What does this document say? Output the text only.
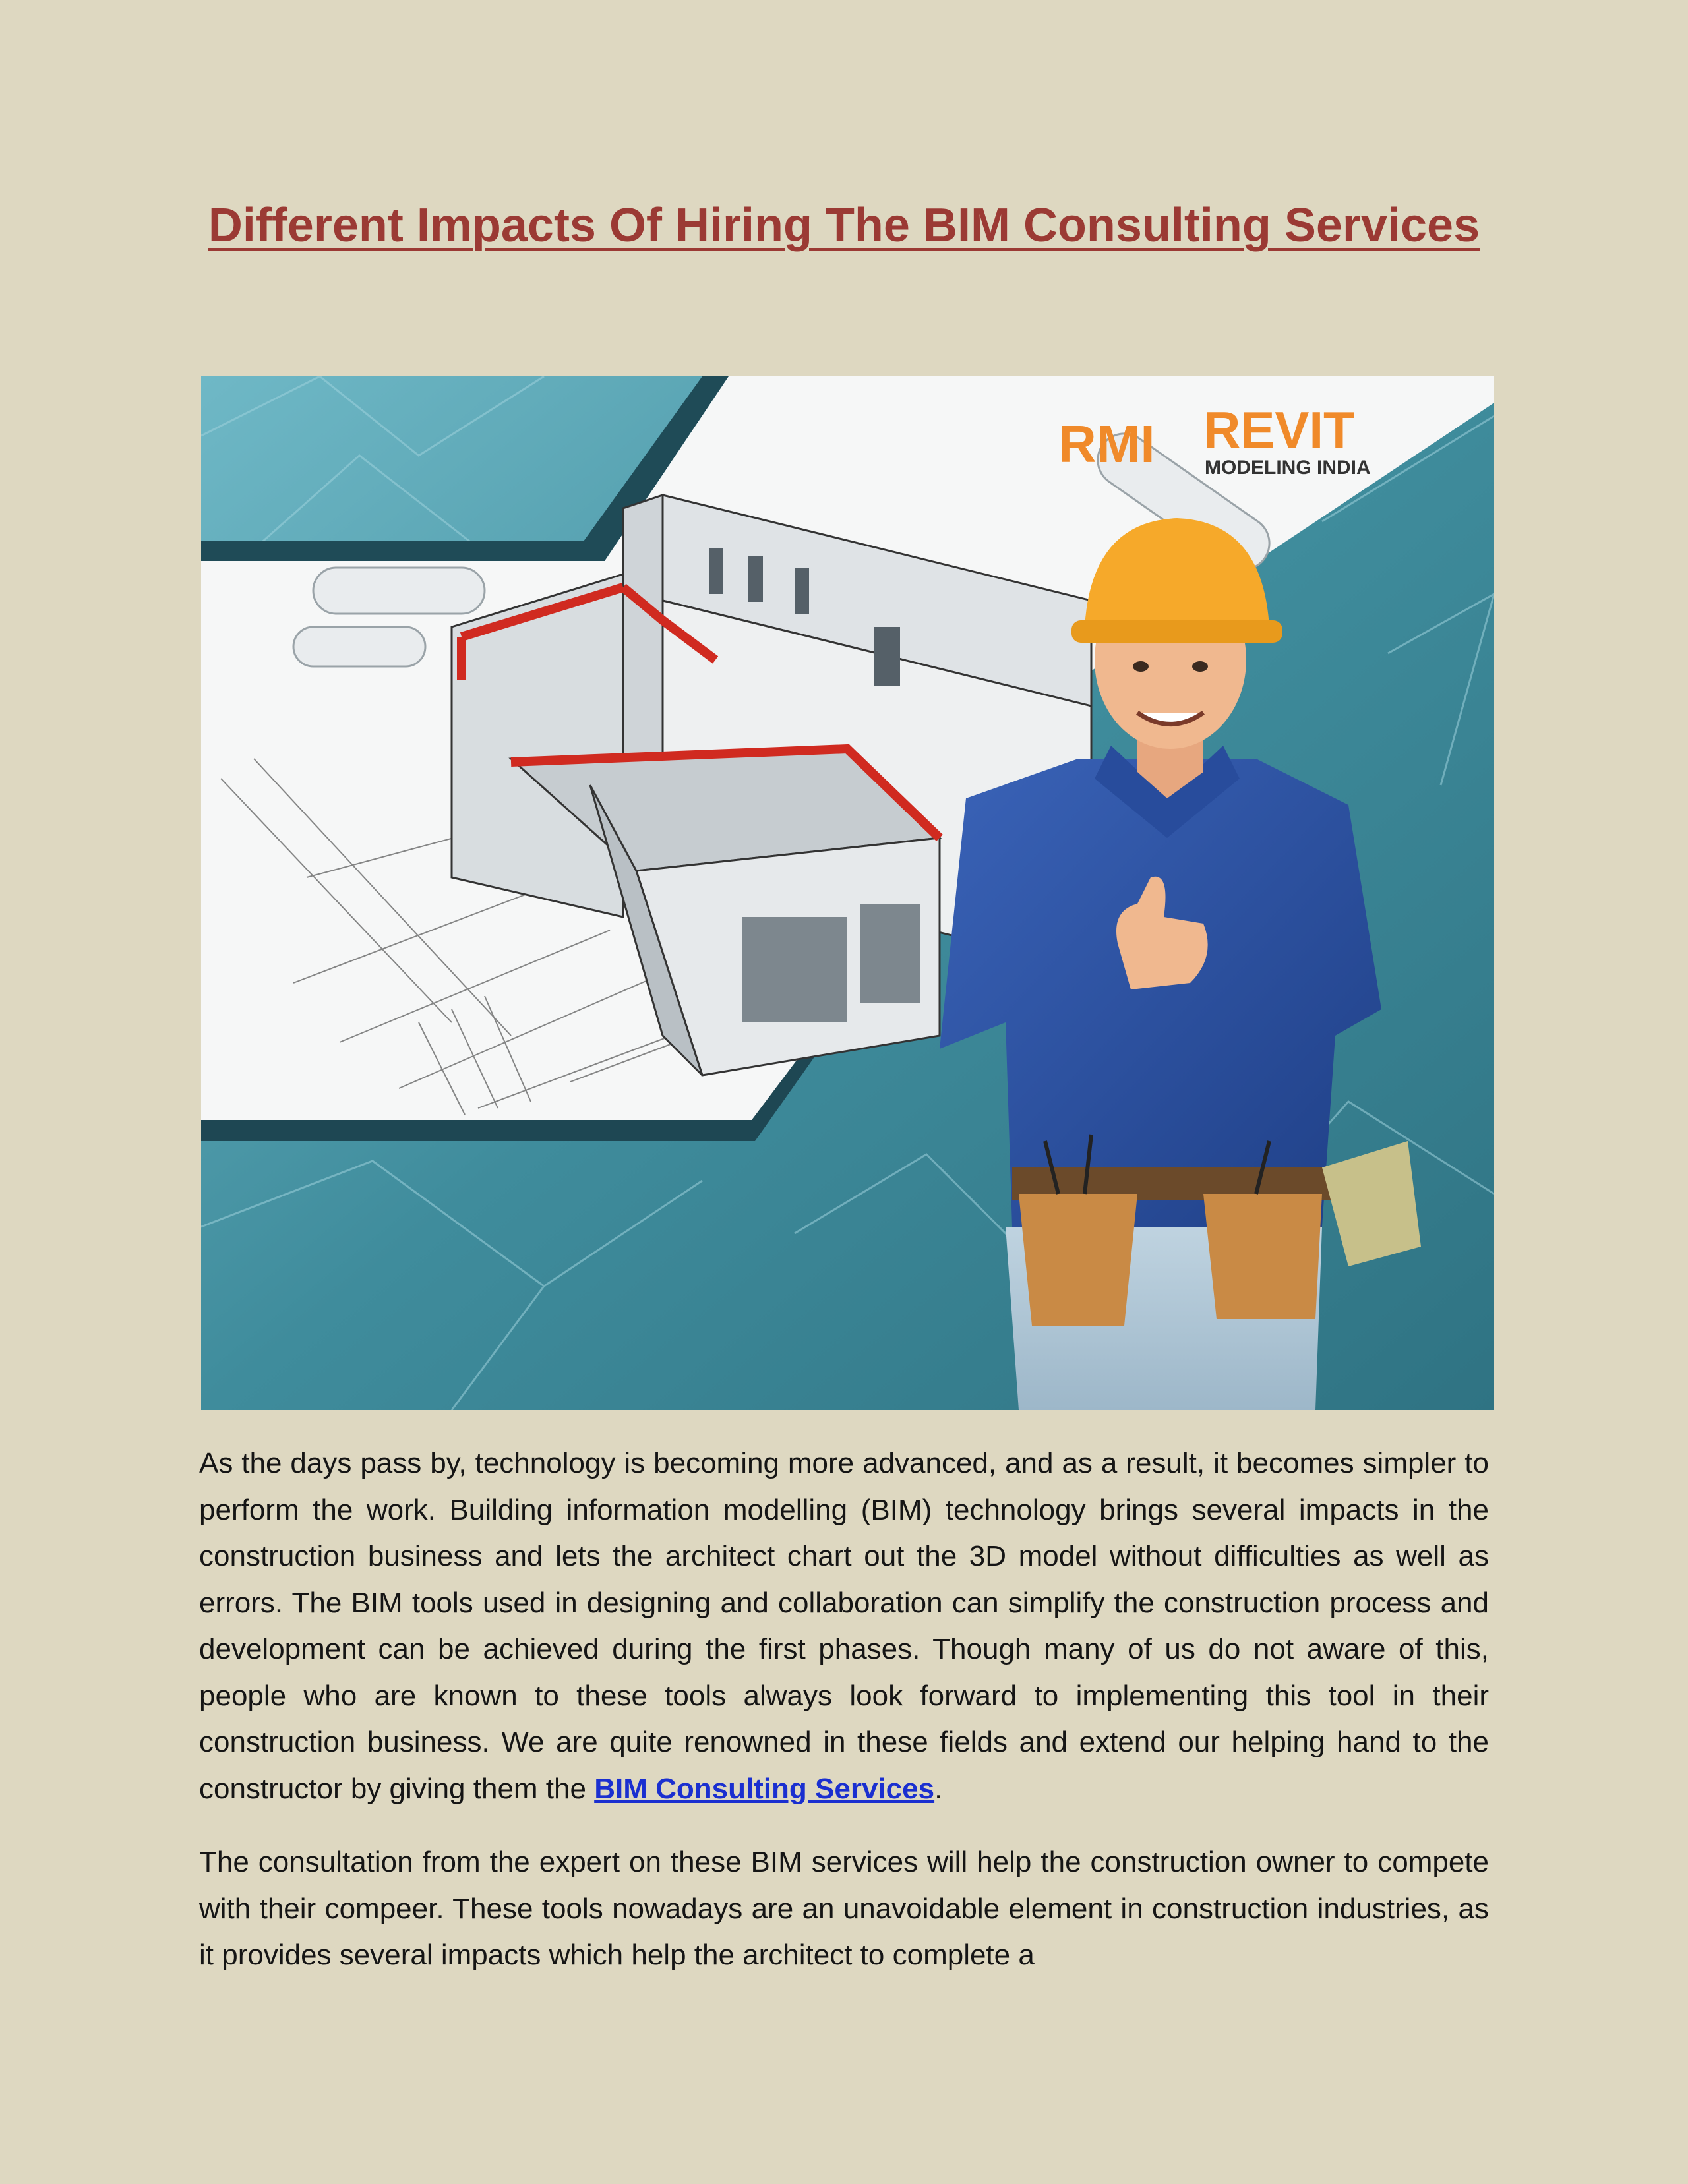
Different Impacts Of Hiring The BIM Consulting Services
RMI REVIT
MODELING INDIA

As the days pass by, technology is becoming more advanced, and as a result, it becomes simpler to perform the work. Building information modelling (BIM) technology brings several impacts in the construction business and lets the architect chart out the 3D model without difficulties as well as errors. The BIM tools used in designing and collaboration can simplify the construction process and development can be achieved during the first phases. Though many of us do not aware of this, people who are known to these tools always look forward to implementing this tool in their construction business. We are quite renowned in these fields and extend our helping hand to the constructor by giving them the BIM Consulting Services.

The consultation from the expert on these BIM services will help the construction owner to compete with their compeer. These tools nowadays are an unavoidable element in construction industries, as it provides several impacts which help the architect to complete a
